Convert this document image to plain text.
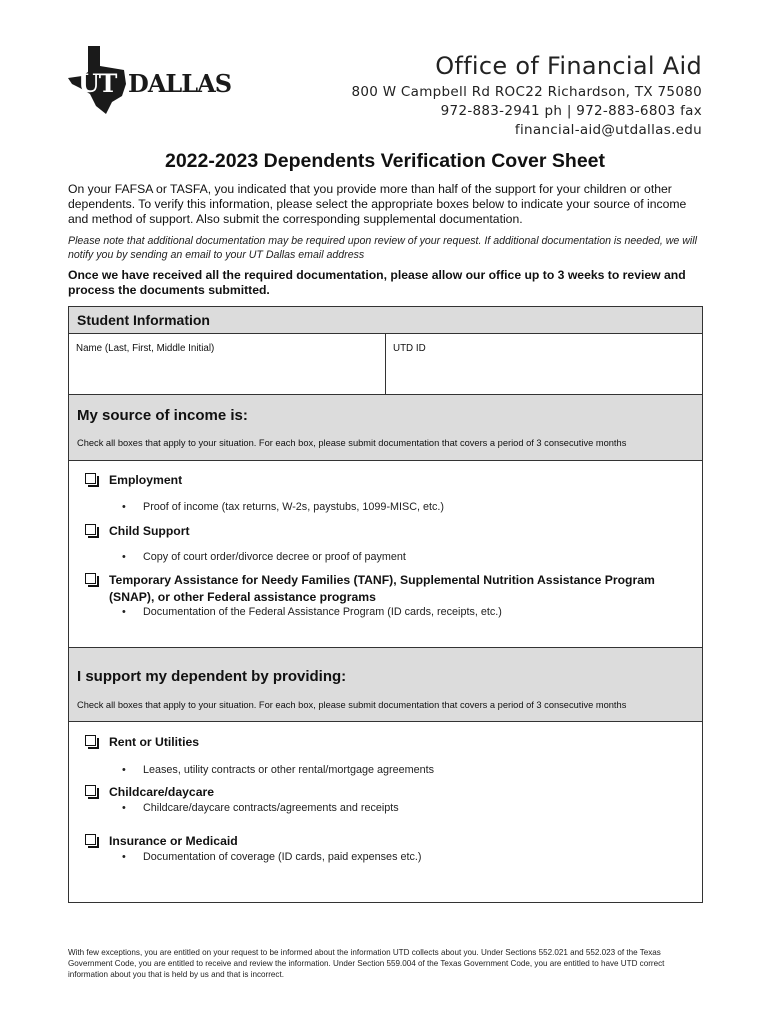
UT DALLAS
Office of Financial Aid
800 W Campbell Rd ROC22 Richardson, TX 75080
972-883-2941 ph | 972-883-6803 fax
financial-aid@utdallas.edu
2022-2023 Dependents Verification Cover Sheet
On your FAFSA or TASFA, you indicated that you provide more than half of the support for your children or other dependents. To verify this information, please select the appropriate boxes below to indicate your source of income and method of support. Also submit the corresponding supplemental documentation.
Please note that additional documentation may be required upon review of your request. If additional documentation is needed, we will notify you by sending an email to your UT Dallas email address
Once we have received all the required documentation, please allow our office up to 3 weeks to review and process the documents submitted.
Student Information
Name (Last, First, Middle Initial)	UTD ID
My source of income is:
Check all boxes that apply to your situation. For each box, please submit documentation that covers a period of 3 consecutive months
Employment
• Proof of income (tax returns, W-2s, paystubs, 1099-MISC, etc.)
Child Support
• Copy of court order/divorce decree or proof of payment
Temporary Assistance for Needy Families (TANF), Supplemental Nutrition Assistance Program
(SNAP), or other Federal assistance programs
• Documentation of the Federal Assistance Program (ID cards, receipts, etc.)
I support my dependent by providing:
Check all boxes that apply to your situation. For each box, please submit documentation that covers a period of 3 consecutive months
Rent or Utilities
• Leases, utility contracts or other rental/mortgage agreements
Childcare/daycare
• Childcare/daycare contracts/agreements and receipts
Insurance or Medicaid
• Documentation of coverage (ID cards, paid expenses etc.)
With few exceptions, you are entitled on your request to be informed about the information UTD collects about you. Under Sections 552.021 and 552.023 of the Texas Government Code, you are entitled to receive and review the information. Under Section 559.004 of the Texas Government Code, you are entitled to have UTD correct information about you that is held by us and that is incorrect.
